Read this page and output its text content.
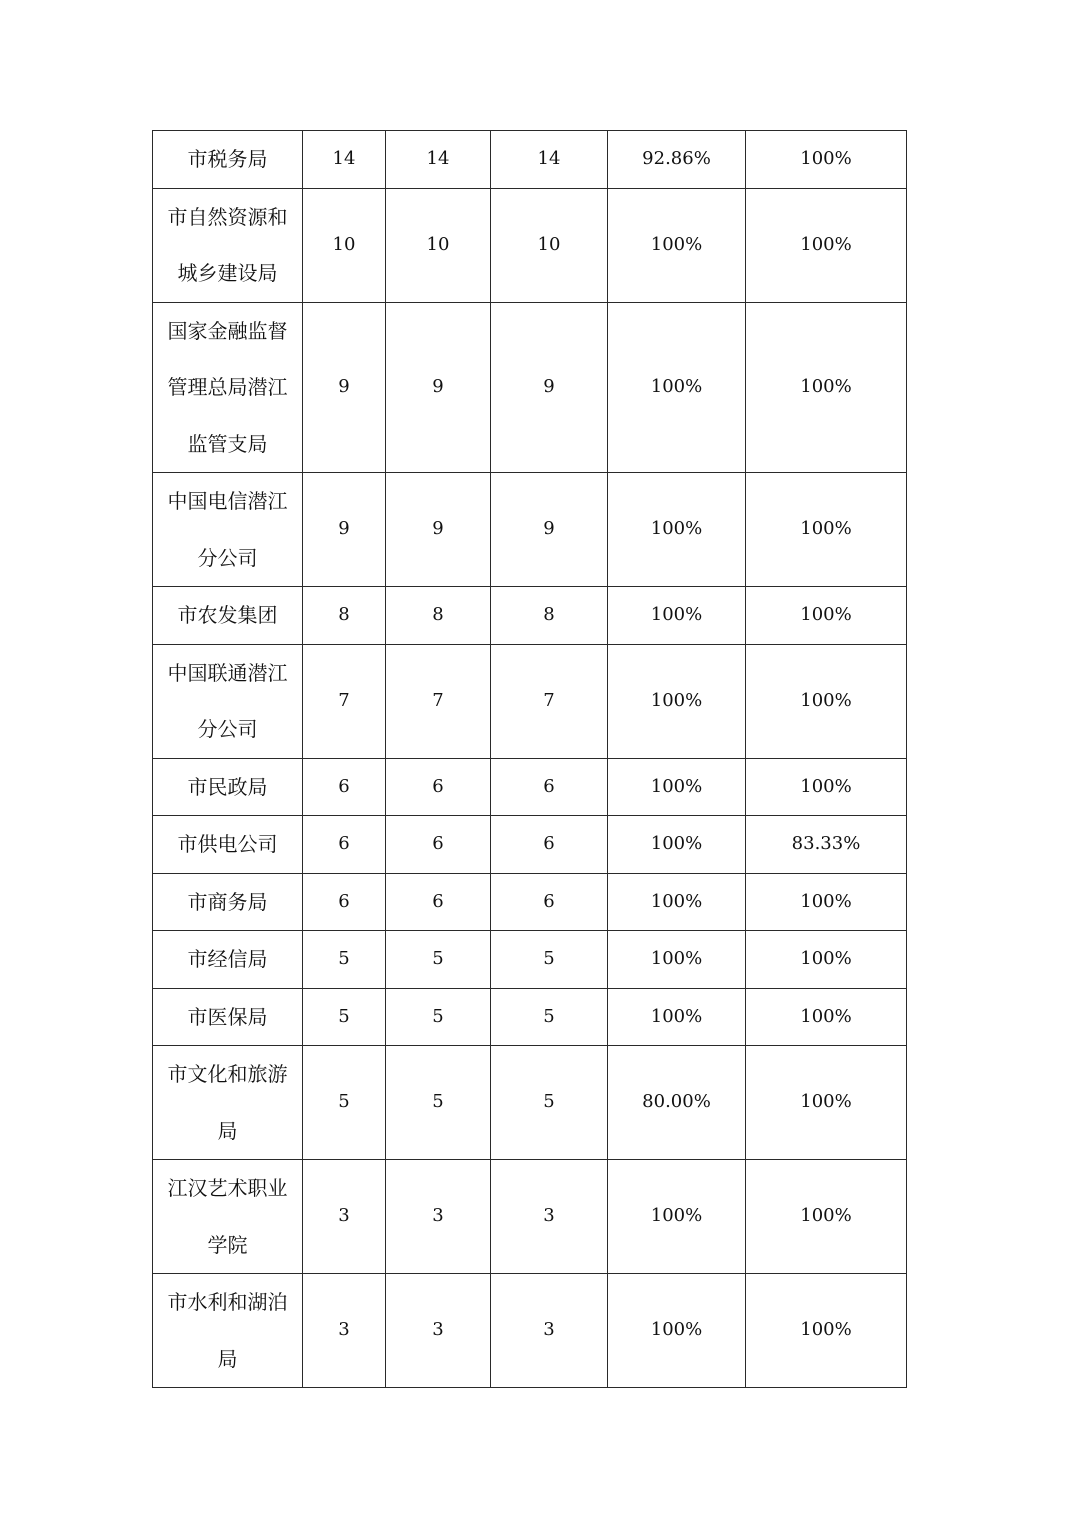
市税务局	14	14	14	92.86%	100%

市自然资源和
城乡建设局	10	10	10	100%	100%

国家金融监督
管理总局潜江
监管支局	9	9	9	100%	100%

中国电信潜江
分公司	9	9	9	100%	100%

市农发集团	8	8	8	100%	100%

中国联通潜江
分公司	7	7	7	100%	100%

市民政局	6	6	6	100%	100%

市供电公司	6	6	6	100%	83.33%

市商务局	6	6	6	100%	100%

市经信局	5	5	5	100%	100%

市医保局	5	5	5	100%	100%

市文化和旅游
局	5	5	5	80.00%	100%

江汉艺术职业
学院	3	3	3	100%	100%

市水利和湖泊
局	3	3	3	100%	100%
